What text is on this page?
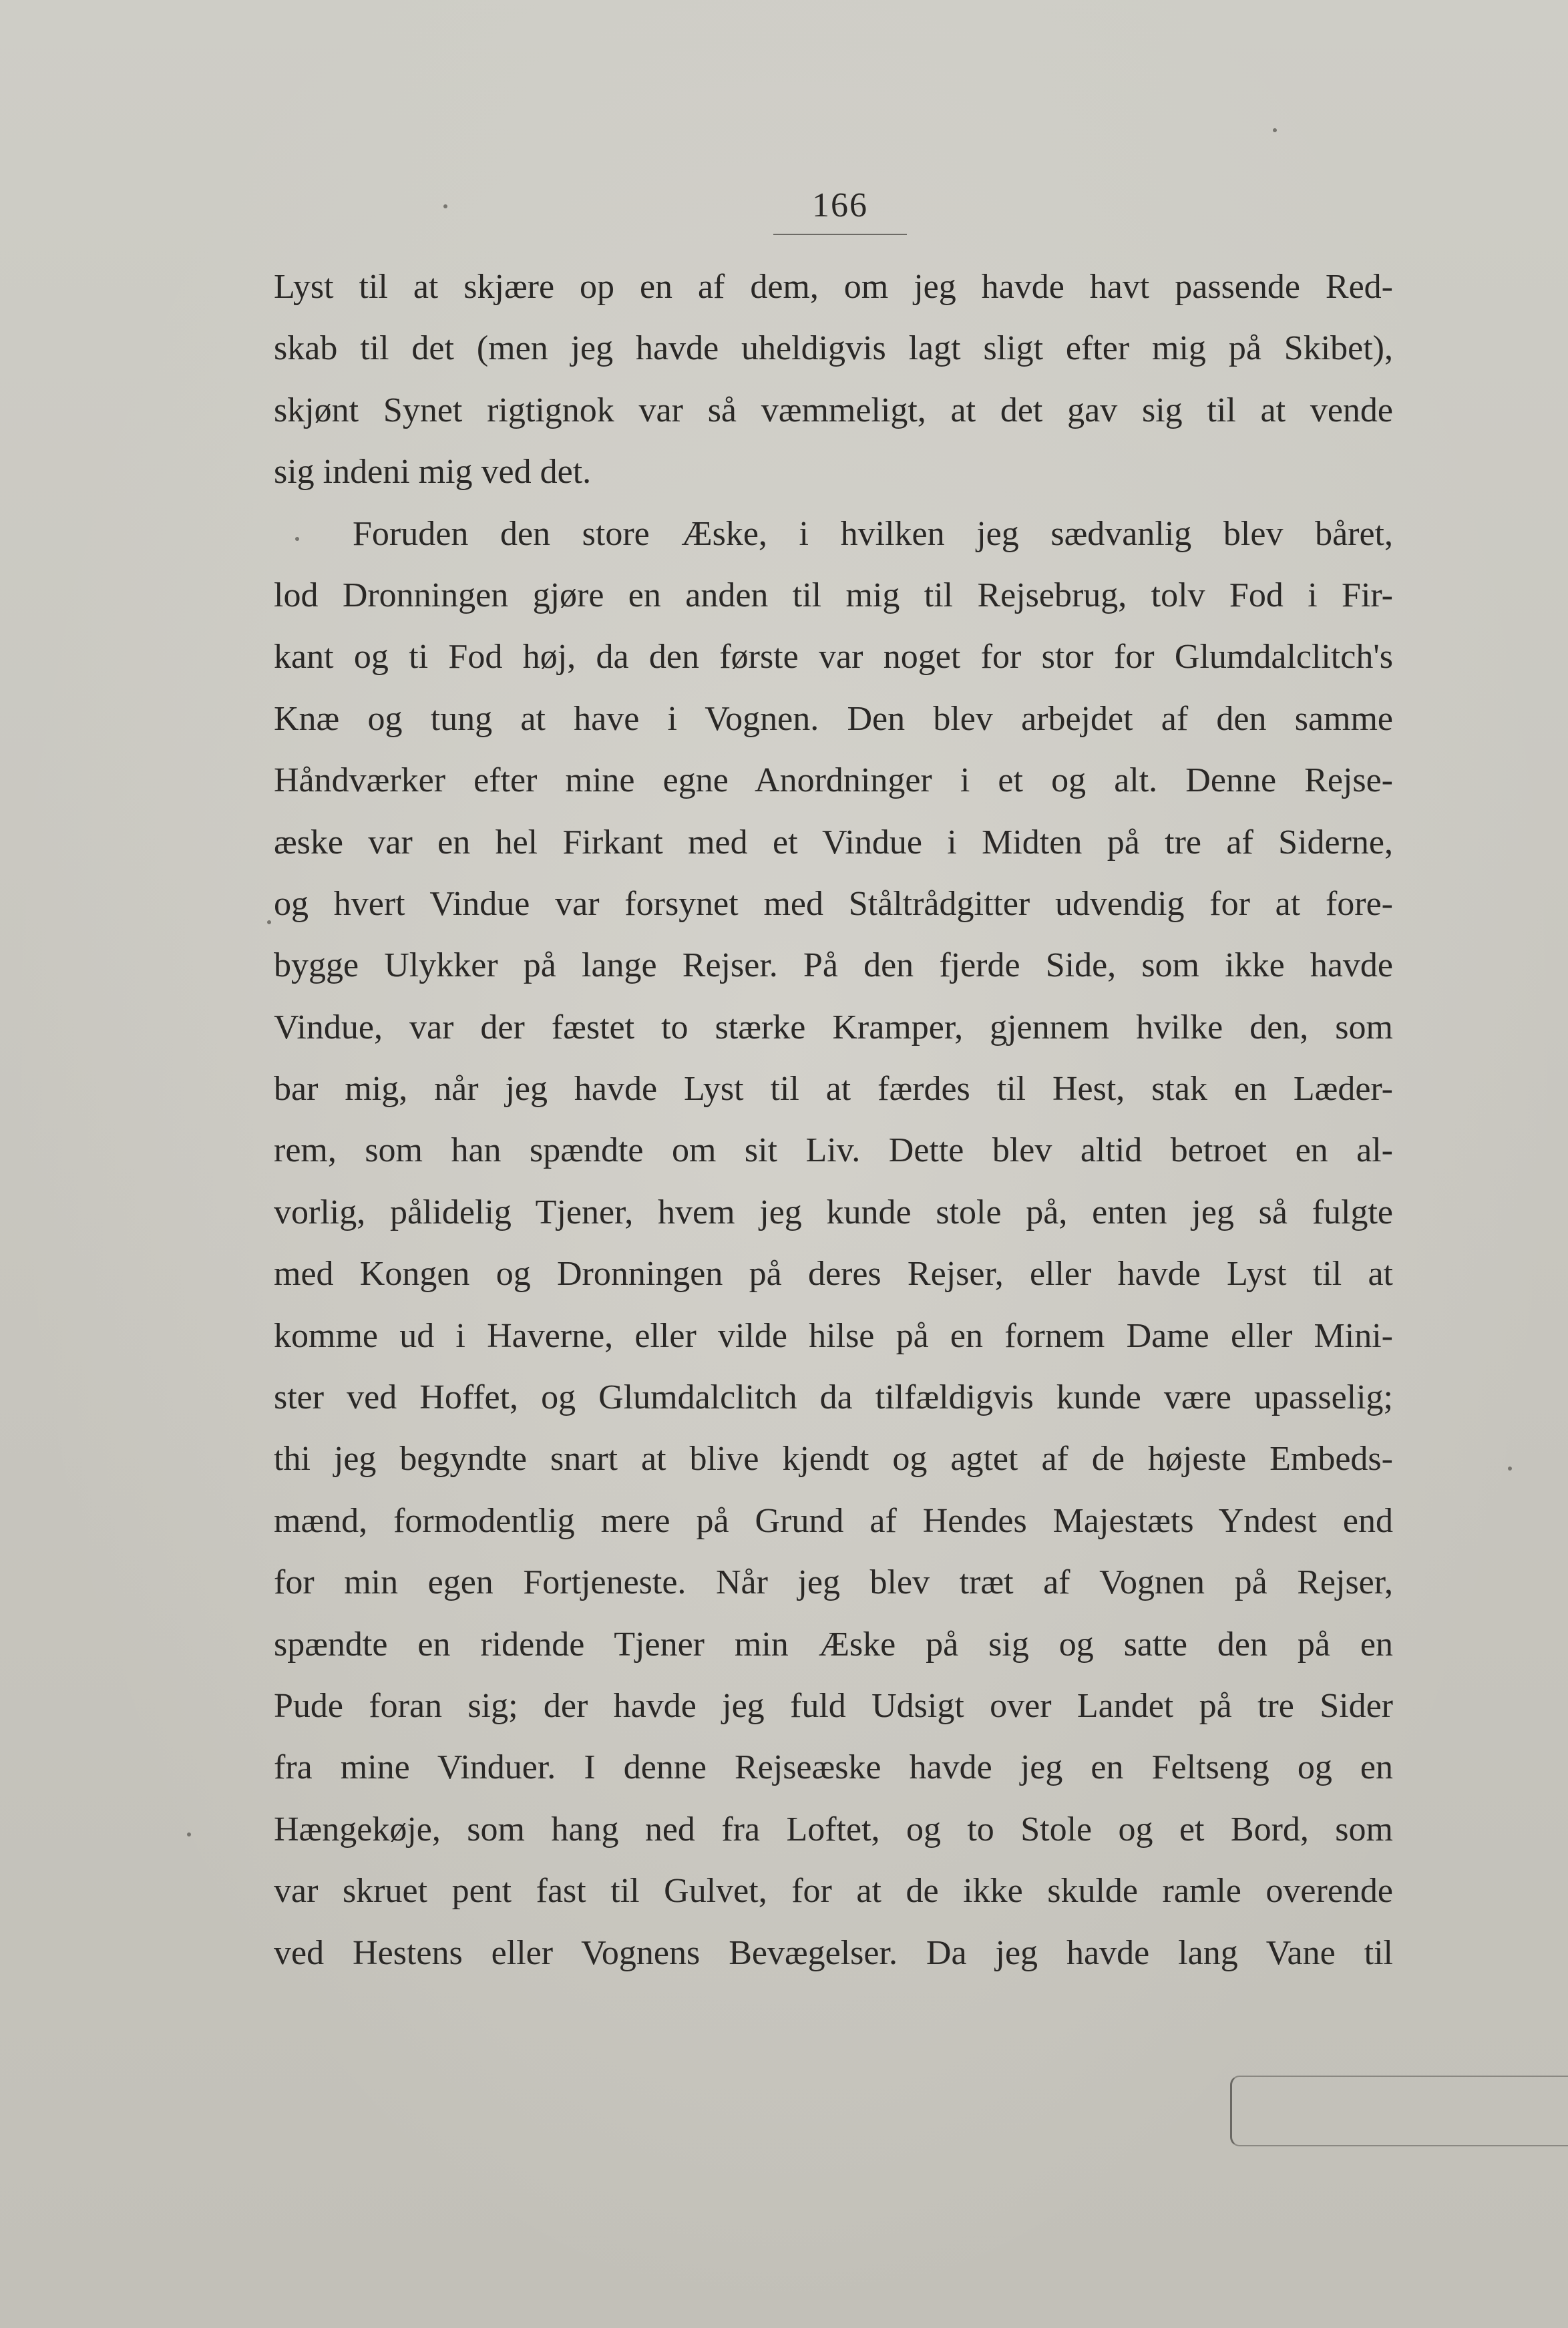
166
Lyst til at skjære op en af dem, om jeg havde havt passende Red-
skab til det (men jeg havde uheldigvis lagt sligt efter mig på Skibet),
skjønt Synet rigtignok var så væmmeligt, at det gav sig til at vende
sig indeni mig ved det.
Foruden den store Æske, i hvilken jeg sædvanlig blev båret,
lod Dronningen gjøre en anden til mig til Rejsebrug, tolv Fod i Fir-
kant og ti Fod høj, da den første var noget for stor for Glumdalclitch's
Knæ og tung at have i Vognen. Den blev arbejdet af den samme
Håndværker efter mine egne Anordninger i et og alt. Denne Rejse-
æske var en hel Firkant med et Vindue i Midten på tre af Siderne,
og hvert Vindue var forsynet med Ståltrådgitter udvendig for at fore-
bygge Ulykker på lange Rejser. På den fjerde Side, som ikke havde
Vindue, var der fæstet to stærke Kramper, gjennem hvilke den, som
bar mig, når jeg havde Lyst til at færdes til Hest, stak en Læder-
rem, som han spændte om sit Liv. Dette blev altid betroet en al-
vorlig, pålidelig Tjener, hvem jeg kunde stole på, enten jeg så fulgte
med Kongen og Dronningen på deres Rejser, eller havde Lyst til at
komme ud i Haverne, eller vilde hilse på en fornem Dame eller Mini-
ster ved Hoffet, og Glumdalclitch da tilfældigvis kunde være upasselig;
thi jeg begyndte snart at blive kjendt og agtet af de højeste Embeds-
mænd, formodentlig mere på Grund af Hendes Majestæts Yndest end
for min egen Fortjeneste. Når jeg blev træt af Vognen på Rejser,
spændte en ridende Tjener min Æske på sig og satte den på en
Pude foran sig; der havde jeg fuld Udsigt over Landet på tre Sider
fra mine Vinduer. I denne Rejseæske havde jeg en Feltseng og en
Hængekøje, som hang ned fra Loftet, og to Stole og et Bord, som
var skruet pent fast til Gulvet, for at de ikke skulde ramle overende
ved Hestens eller Vognens Bevægelser. Da jeg havde lang Vane til
